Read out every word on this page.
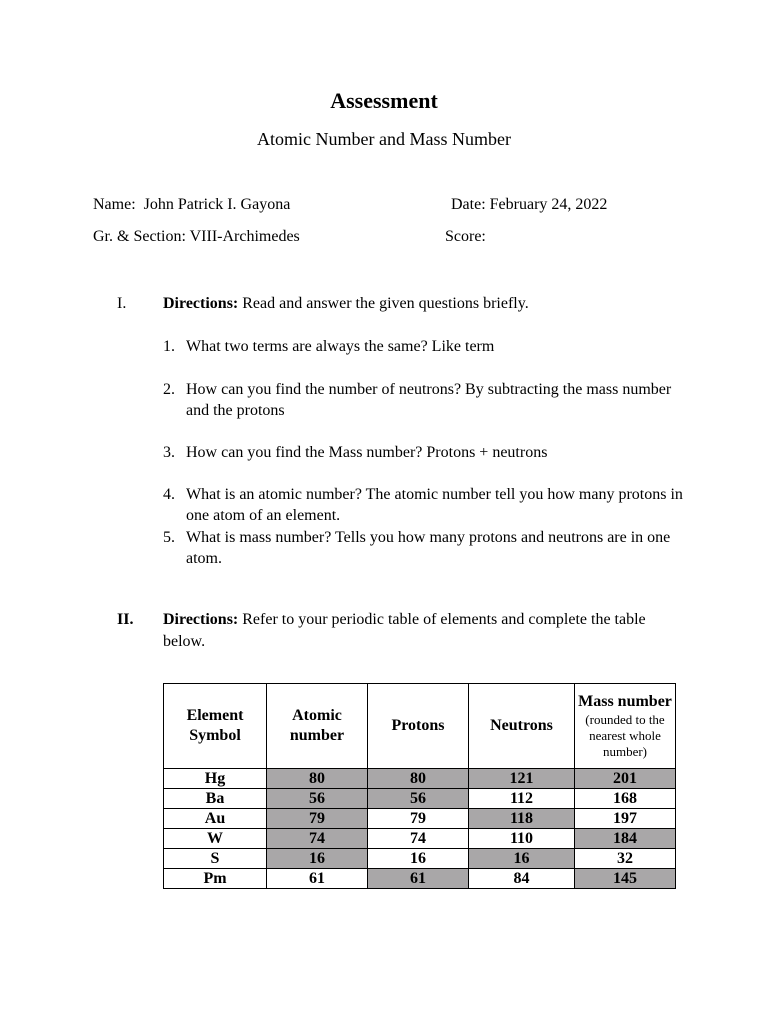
Assessment
Atomic Number and Mass Number
Name: John Patrick I. Gayona	Date: February 24, 2022
Gr. & Section: VIII-Archimedes	Score:
I. Directions: Read and answer the given questions briefly.
1. What two terms are always the same? Like term
2. How can you find the number of neutrons? By subtracting the mass number and the protons
3. How can you find the Mass number? Protons + neutrons
4. What is an atomic number? The atomic number tell you how many protons in one atom of an element.
5. What is mass number? Tells you how many protons and neutrons are in one atom.
II. Directions: Refer to your periodic table of elements and complete the table below.
Element Symbol	Atomic number	Protons	Neutrons	Mass number
(rounded to the nearest whole number)

Hg	80	80	121	201
Ba	56	56	112	168
Au	79	79	118	197
W	74	74	110	184
S	16	16	16	32
Pm	61	61	84	145
